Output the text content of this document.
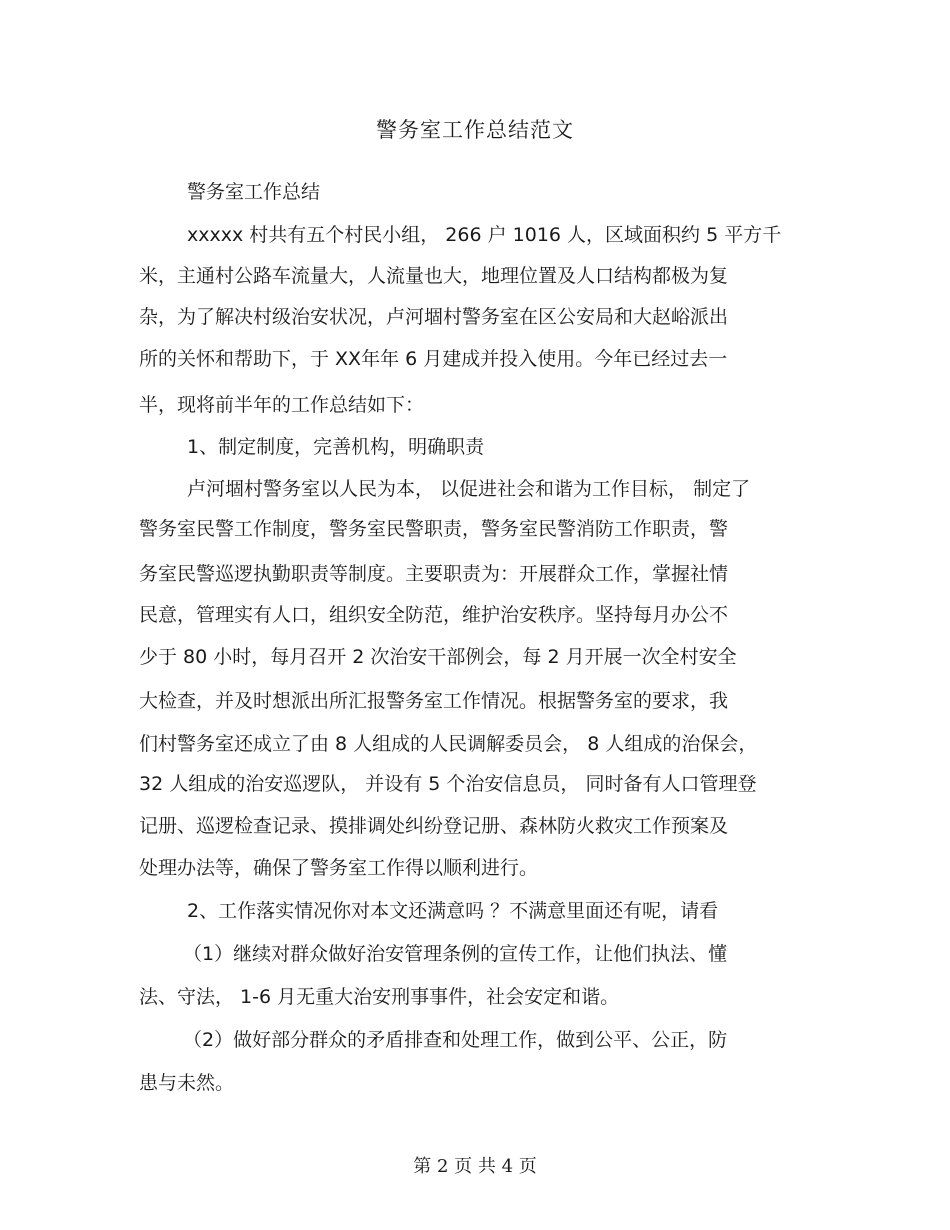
警务室工作总结范文
警务室工作总结
xxxxx 村共有五个村民小组， 266 户 1016 人，区域面积约 5 平方千
米，主通村公路车流量大，人流量也大，地理位置及人口结构都极为复
杂，为了解决村级治安状况，卢河堌村警务室在区公安局和大赵峪派出
所的关怀和帮助下，于 XX年年 6 月建成并投入使用。今年已经过去一
半，现将前半年的工作总结如下：
1、制定制度，完善机构，明确职责
卢河堌村警务室以人民为本， 以促进社会和谐为工作目标， 制定了
警务室民警工作制度，警务室民警职责，警务室民警消防工作职责，警
务室民警巡逻执勤职责等制度。主要职责为：开展群众工作，掌握社情
民意，管理实有人口，组织安全防范，维护治安秩序。坚持每月办公不
少于 80 小时，每月召开 2 次治安干部例会，每 2 月开展一次全村安全
大检查，并及时想派出所汇报警务室工作情况。根据警务室的要求，我
们村警务室还成立了由 8 人组成的人民调解委员会， 8 人组成的治保会，
32 人组成的治安巡逻队， 并设有 5 个治安信息员， 同时备有人口管理登
记册、巡逻检查记录、摸排调处纠纷登记册、森林防火救灾工作预案及
处理办法等，确保了警务室工作得以顺利进行。
2、工作落实情况你对本文还满意吗 ？不满意里面还有呢，请看
（1）继续对群众做好治安管理条例的宣传工作，让他们执法、懂
法、守法， 1-6 月无重大治安刑事事件，社会安定和谐。
（2）做好部分群众的矛盾排查和处理工作，做到公平、公正，防
患与未然。
第 2 页 共 4 页
